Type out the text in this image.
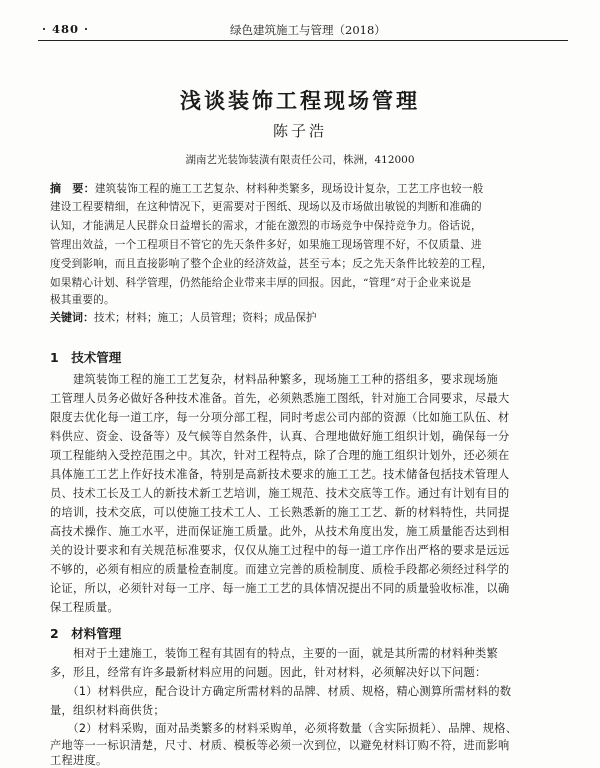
· 480 ·	绿色建筑施工与管理（2018）
浅谈装饰工程现场管理
陈子浩
湖南艺光装饰装潢有限责任公司，株洲，412000
摘　要：建筑装饰工程的施工工艺复杂、材料种类繁多，现场设计复杂，工艺工序也较一般
建设工程要精细，在这种情况下，更需要对于图纸、现场以及市场做出敏锐的判断和准确的
认知，才能满足人民群众日益增长的需求，才能在激烈的市场竞争中保持竞争力。俗话说，
管理出效益，一个工程项目不管它的先天条件多好，如果施工现场管理不好，不仅质量、进
度受到影响，而且直接影响了整个企业的经济效益，甚至亏本；反之先天条件比较差的工程，
如果精心计划、科学管理，仍然能给企业带来丰厚的回报。因此，“管理”对于企业来说是
极其重要的。
关键词：技术；材料；施工；人员管理；资料；成品保护
1　技术管理
　　建筑装饰工程的施工工艺复杂，材料品种繁多，现场施工工种的搭组多，要求现场施
工管理人员务必做好各种技术准备。首先，必须熟悉施工图纸，针对施工合同要求，尽最大
限度去优化每一道工序，每一分项分部工程，同时考虑公司内部的资源（比如施工队伍、材
料供应、资金、设备等）及气候等自然条件，认真、合理地做好施工组织计划，确保每一分
项工程能纳入受控范围之中。其次，针对工程特点，除了合理的施工组织计划外，还必须在
具体施工工艺上作好技术准备，特别是高新技术要求的施工工艺。技术储备包括技术管理人
员、技术工长及工人的新技术新工艺培训，施工规范、技术交底等工作。通过有计划有目的
的培训，技术交底，可以使施工技术工人、工长熟悉新的施工工艺、新的材料特性，共同提
高技术操作、施工水平，进而保证施工质量。此外，从技术角度出发，施工质量能否达到相
关的设计要求和有关规范标准要求，仅仅从施工过程中的每一道工序作出严格的要求是远远
不够的，必须有相应的质量检查制度。而建立完善的质检制度、质检手段都必须经过科学的
论证，所以，必须针对每一工序、每一施工工艺的具体情况提出不同的质量验收标准，以确
保工程质量。
2　材料管理
　　相对于土建施工，装饰工程有其固有的特点，主要的一面，就是其所需的材料种类繁
多，形且，经常有许多最新材料应用的问题。因此，针对材料，必须解决好以下问题：
　　（1）材料供应，配合设计方确定所需材料的品牌、材质、规格，精心测算所需材料的数
量，组织材料商供货；
　　（2）材料采购，面对品类繁多的材料采购单，必须将数量（含实际损耗）、品牌、规格、
产地等一一标识清楚，尺寸、材质、模板等必须一次到位，以避免材料订购不符，进而影响
工程进度。
